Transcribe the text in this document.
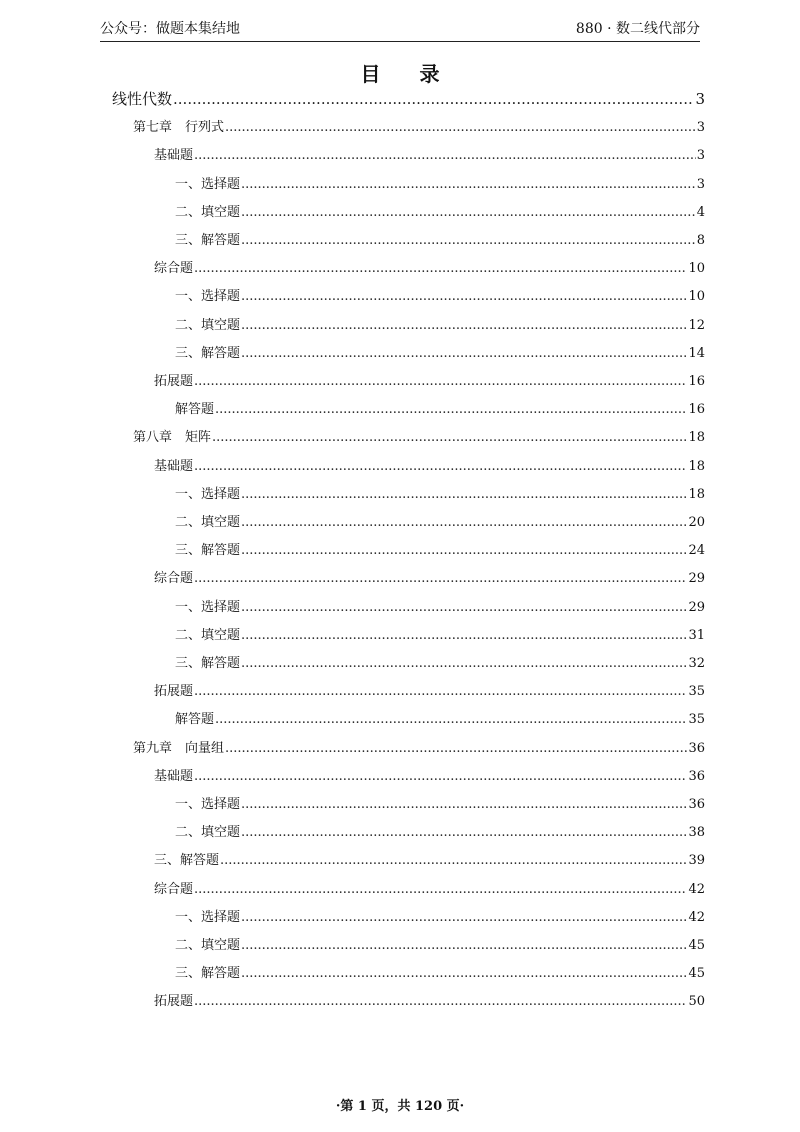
公众号：做题本集结地	880 · 数二线代部分
目 录
线性代数 .....	3
第七章　行列式 .....	3
基础题 .....	3
一、选择题 .....	3
二、填空题 .....	4
三、解答题 .....	8
综合题 .....	10
一、选择题 .....	10
二、填空题 .....	12
三、解答题 .....	14
拓展题 .....	16
解答题 .....	16
第八章　矩阵 .....	18
基础题 .....	18
一、选择题 .....	18
二、填空题 .....	20
三、解答题 .....	24
综合题 .....	29
一、选择题 .....	29
二、填空题 .....	31
三、解答题 .....	32
拓展题 .....	35
解答题 .....	35
第九章　向量组 .....	36
基础题 .....	36
一、选择题 .....	36
二、填空题 .....	38
三、解答题 .....	39
综合题 .....	42
一、选择题 .....	42
二、填空题 .....	45
三、解答题 .....	45
拓展题 .....	50
·第 1 页，共 120 页·
